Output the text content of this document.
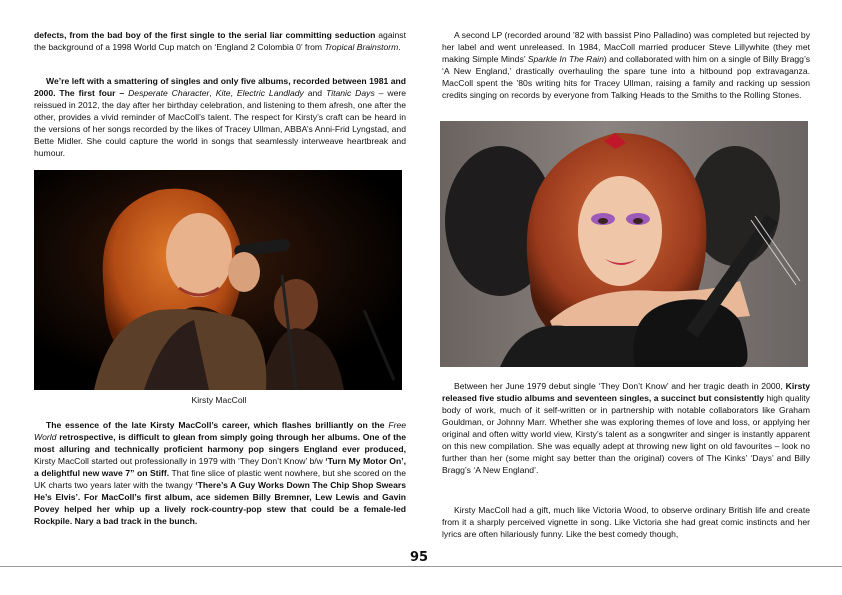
defects, from the bad boy of the first single to the serial liar committing seduction against the background of a 1998 World Cup match on ‘England 2 Colombia 0’ from Tropical Brainstorm.

We’re left with a smattering of singles and only five albums, recorded between 1981 and 2000. The first four – Desperate Character, Kite, Electric Landlady and Titanic Days – were reissued in 2012, the day after her birthday celebration, and listening to them afresh, one after the other, provides a vivid reminder of MacColl’s talent. The respect for Kirsty’s craft can be heard in the versions of her songs recorded by the likes of Tracey Ullman, ABBA’s Anni-Frid Lyngstad, and Bette Midler. She could capture the world in songs that seamlessly interweave heartbreak and humour.

Kirsty MacColl

The essence of the late Kirsty MacColl’s career, which flashes brilliantly on the Free World retrospective, is difficult to glean from simply going through her albums. One of the most alluring and technically proficient harmony pop singers England ever produced, Kirsty MacColl started out professionally in 1979 with ‘They Don’t Know’ b/w ‘Turn My Motor On’, a delightful new wave 7” on Stiff. That fine slice of plastic went nowhere, but she scored on the UK charts two years later with the twangy ‘There’s A Guy Works Down The Chip Shop Swears He’s Elvis’. For MacColl’s first album, ace sidemen Billy Bremner, Lew Lewis and Gavin Povey helped her whip up a lively rock-country-pop stew that could be a female-led Rockpile. Nary a bad track in the bunch.

A second LP (recorded around ’82 with bassist Pino Palladino) was completed but rejected by her label and went unreleased. In 1984, MacColl married producer Steve Lillywhite (they met making Simple Minds’ Sparkle In The Rain) and collaborated with him on a single of Billy Bragg’s ‘A New England,’ drastically overhauling the spare tune into a hitbound pop extravaganza. MacColl spent the ’80s writing hits for Tracey Ullman, raising a family and racking up session credits singing on records by everyone from Talking Heads to the Smiths to the Rolling Stones.

Between her June 1979 debut single ‘They Don’t Know’ and her tragic death in 2000, Kirsty released five studio albums and seventeen singles, a succinct but consistently high quality body of work, much of it self-written or in partnership with notable collaborators like Graham Gouldman, or Johnny Marr. Whether she was exploring themes of love and loss, or applying her original and often witty world view, Kirsty’s talent as a songwriter and singer is instantly apparent on this new compilation. She was equally adept at throwing new light on old favourites – look no further than her (some might say better than the original) covers of The Kinks’ ‘Days’ and Billy Bragg’s ‘A New England’.

Kirsty MacColl had a gift, much like Victoria Wood, to observe ordinary British life and create from it a sharply perceived vignette in song. Like Victoria she had great comic instincts and her lyrics are often hilariously funny. Like the best comedy though,

95
